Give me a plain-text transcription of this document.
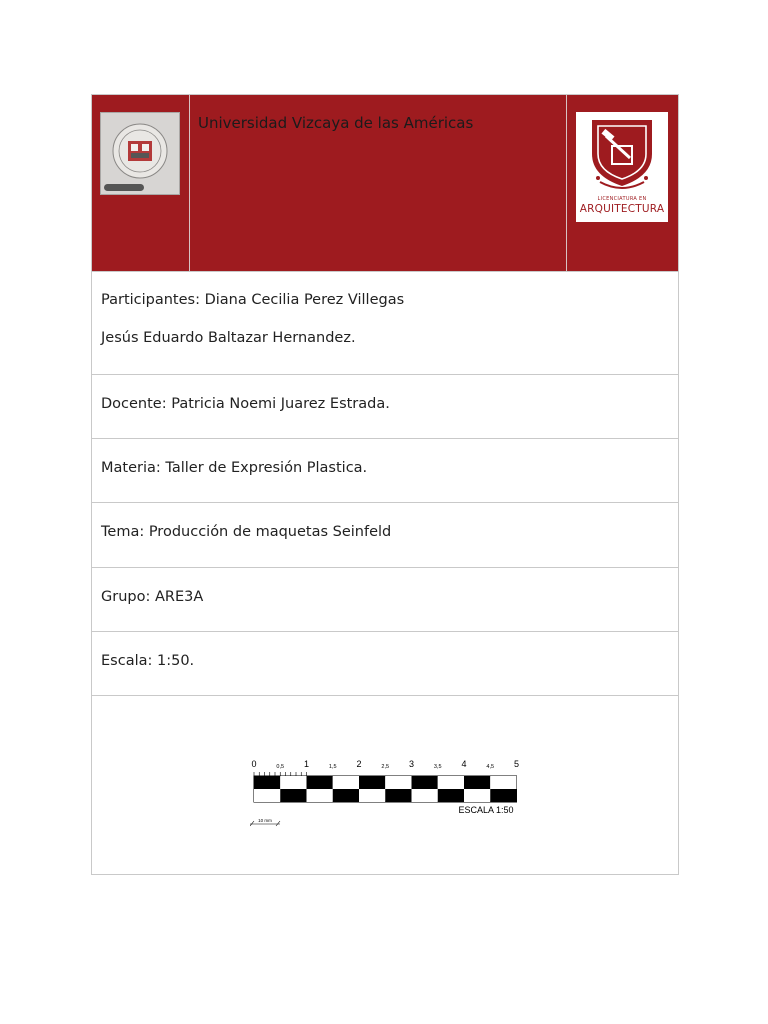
Universidad Vizcaya de las Américas
LICENCIATURA EN
ARQUITECTURA
Participantes: Diana Cecilia Perez Villegas
Jesús Eduardo Baltazar Hernandez.
Docente: Patricia Noemi Juarez Estrada.
Materia: Taller de Expresión Plastica.
Tema: Producción de maquetas Seinfeld
Grupo: ARE3A
Escala: 1:50.
0	1	2	3	4	5
0,5	1,5	2,5	3,5	4,5
ESCALA 1:50
10 mm
